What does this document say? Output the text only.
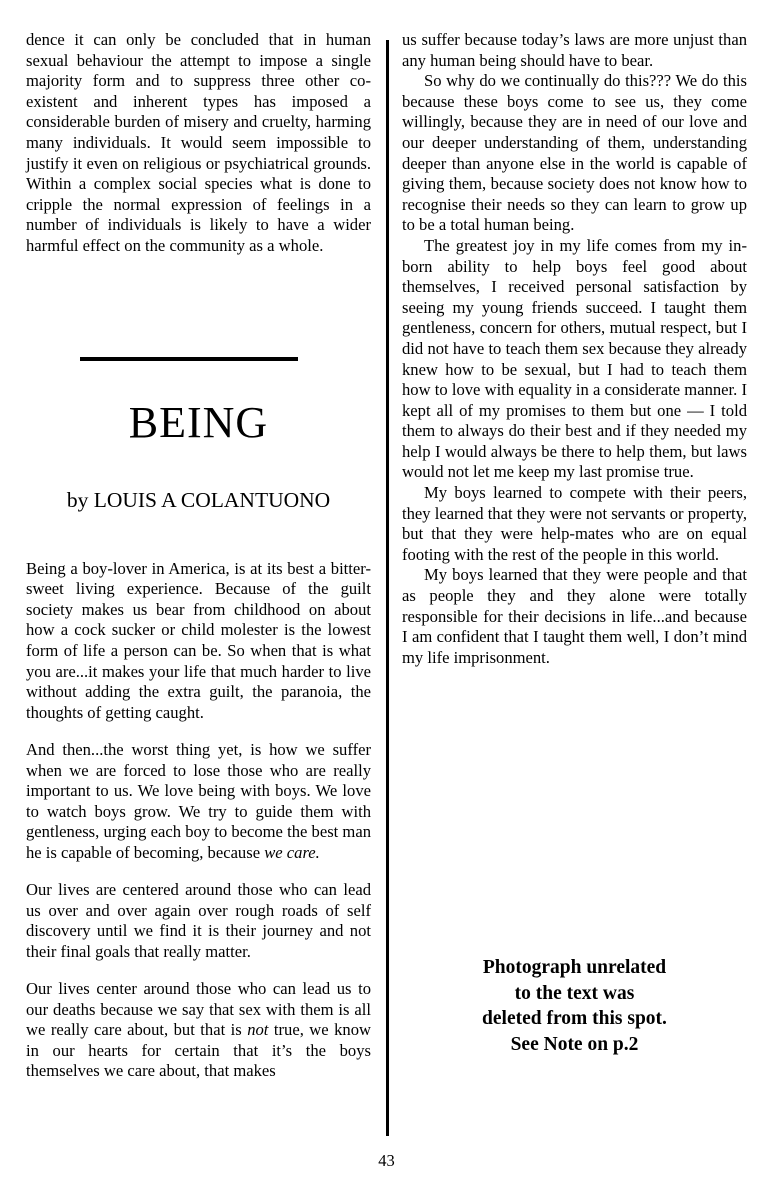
dence it can only be concluded that in human sexual behaviour the attempt to impose a single majority form and to suppress three other co-existent and inherent types has imposed a considerable burden of misery and cruelty, harming many individuals. It would seem impossible to justify it even on religious or psychiatrical grounds. Within a complex social species what is done to cripple the normal expression of feelings in a number of individuals is likely to have a wider harmful effect on the community as a whole.

BEING
by LOUIS A COLANTUONO

Being a boy-lover in America, is at its best a bitter-sweet living experience. Because of the guilt society makes us bear from childhood on about how a cock sucker or child molester is the lowest form of life a person can be. So when that is what you are...it makes your life that much harder to live without adding the extra guilt, the paranoia, the thoughts of getting caught.

And then...the worst thing yet, is how we suffer when we are forced to lose those who are really important to us. We love being with boys. We love to watch boys grow. We try to guide them with gentleness, urging each boy to become the best man he is capable of becoming, because we care.

Our lives are centered around those who can lead us over and over again over rough roads of self discovery until we find it is their journey and not their final goals that really matter.

Our lives center around those who can lead us to our deaths because we say that sex with them is all we really care about, but that is not true, we know in our hearts for certain that it’s the boys themselves we care about, that makes

us suffer because today’s laws are more unjust than any human being should have to bear.

So why do we continually do this??? We do this because these boys come to see us, they come willingly, because they are in need of our love and our deeper understanding of them, understanding deeper than anyone else in the world is capable of giving them, because society does not know how to recognise their needs so they can learn to grow up to be a total human being.

The greatest joy in my life comes from my in-born ability to help boys feel good about themselves, I received personal satisfaction by seeing my young friends succeed. I taught them gentleness, concern for others, mutual respect, but I did not have to teach them sex because they already knew how to be sexual, but I had to teach them how to love with equality in a considerate manner. I kept all of my promises to them but one — I told them to always do their best and if they needed my help I would always be there to help them, but laws would not let me keep my last promise true.

My boys learned to compete with their peers, they learned that they were not servants or property, but that they were help-mates who are on equal footing with the rest of the people in this world.

My boys learned that they were people and that as people they and they alone were totally responsible for their decisions in life...and because I am confident that I taught them well, I don’t mind my life imprisonment.

Photograph unrelated
to the text was
deleted from this spot.
See Note on p.2
43
